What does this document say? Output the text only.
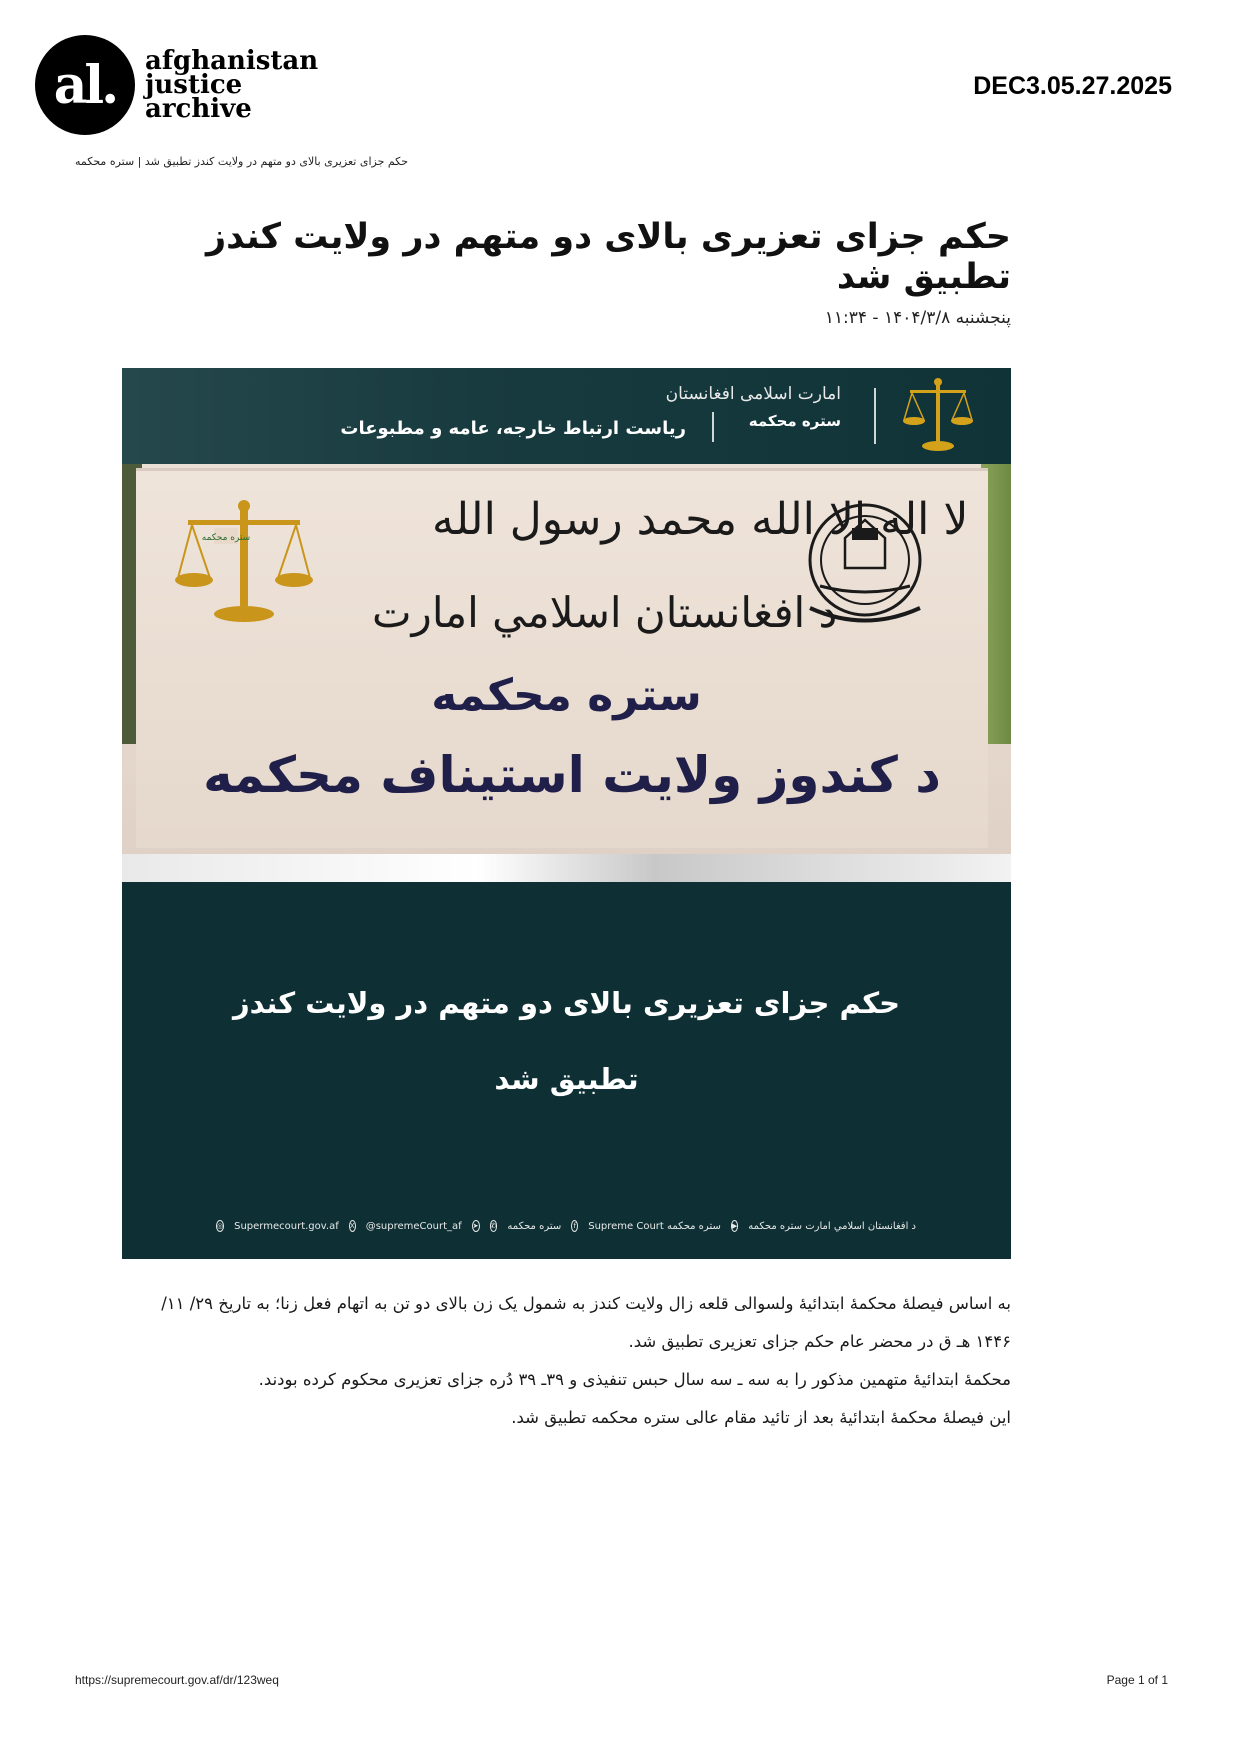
al.	afghanistan
justice
archive
DEC3.05.27.2025
حکم جزای تعزیری بالای دو متهم در ولایت کندز تطبیق شد | ستره محکمه
حکم جزای تعزیری بالای دو متهم در ولایت کندز تطبیق شد
پنجشنبه ۱۴۰۴/۳/۸ - ۱۱:۳۴
امارت اسلامی افغانستان
ستره محکمه
ریاست ارتباط خارجه، عامه و مطبوعات
ستره محکمه	لا اله الا الله محمد رسول الله
د افغانستان اسلامي امارت
ستره محکمه
د کندوز ولایت استیناف محکمه
حکم جزای تعزیری بالای دو متهم در ولایت کندز
تطبیق شد
◎ Supermecourt.gov.af X @supremeCourt_af ➤ ✆ ستره محکمه	f Supreme Court ستره محکمه ▶ د افغانستان اسلامي امارت ستره محکمه

به اساس فیصلهٔ محکمهٔ ابتدائیهٔ ولسوالی قلعه زال ولایت کندز به شمول یک زن بالای دو تن به اتهام فعل زنا؛ به تاریخ ۲۹/ ۱۱/ ۱۴۴۶ هـ ق در محضر عام حکم جزای تعزیری تطبیق شد.

محکمهٔ ابتدائیهٔ متهمین مذکور را به سه ـ سه سال حبس تنفیذی و ۳۹ـ ۳۹ دُره جزای تعزیری محکوم کرده بودند.

این فیصلهٔ محکمهٔ ابتدائیهٔ بعد از تائید مقام عالی ستره محکمه تطبیق شد.

https://supremecourt.gov.af/dr/123weq	Page 1 of 1
